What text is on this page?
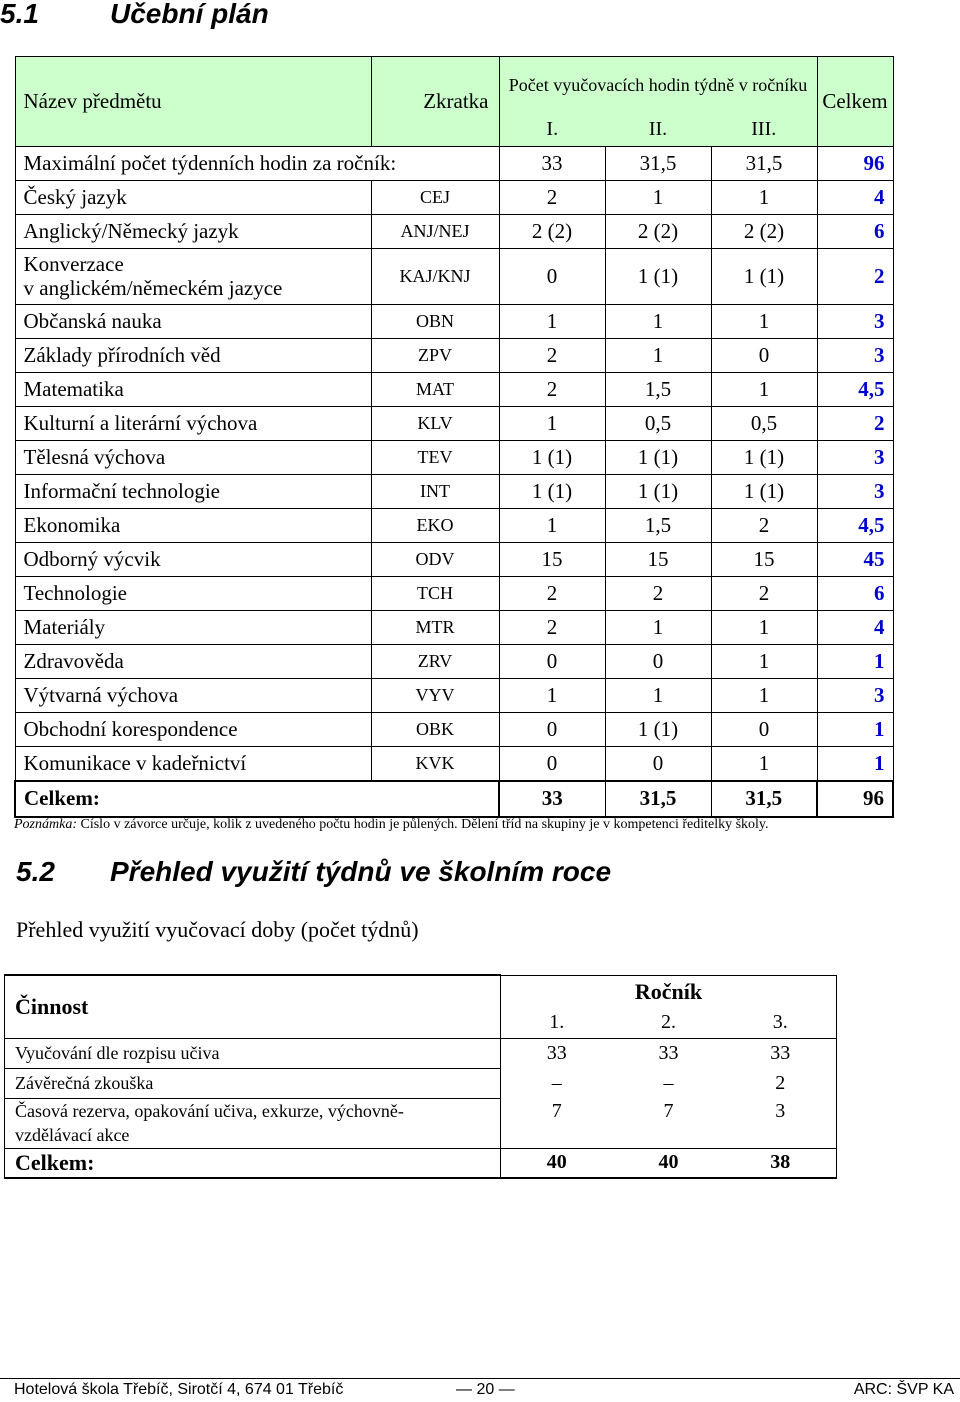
5.1	Učební plán
Název předmětu	Zkratka	Počet vyučovacích hodin týdně v ročníku			Celkem
		I.	II.	III.	
Maximální počet týdenních hodin za ročník:		33	31,5	31,5	96
Český jazyk	CEJ	2	1	1	4
Anglický/Německý jazyk	ANJ/NEJ	2 (2)	2 (2)	2 (2)	6
Konverzace
v anglickém/německém jazyce	KAJ/KNJ	0	1 (1)	1 (1)	2
Občanská nauka	OBN	1	1	1	3
Základy přírodních věd	ZPV	2	1	0	3
Matematika	MAT	2	1,5	1	4,5
Kulturní a literární výchova	KLV	1	0,5	0,5	2
Tělesná výchova	TEV	1 (1)	1 (1)	1 (1)	3
Informační technologie	INT	1 (1)	1 (1)	1 (1)	3
Ekonomika	EKO	1	1,5	2	4,5
Odborný výcvik	ODV	15	15	15	45
Technologie	TCH	2	2	2	6
Materiály	MTR	2	1	1	4
Zdravověda	ZRV	0	0	1	1
Výtvarná výchova	VYV	1	1	1	3
Obchodní korespondence	OBK	0	1 (1)	0	1
Komunikace v kadeřnictví	KVK	0	0	1	1
Celkem:		33	31,5	31,5	96
Poznámka: Číslo v závorce určuje, kolik z uvedeného počtu hodin je půlených. Dělení tříd na skupiny je v kompetenci ředitelky školy.
5.2 Přehled využití týdnů ve školním roce
Přehled využití vyučovací doby (počet týdnů)
Činnost	Ročník		
	1.	2.	3.
Vyučování dle rozpisu učiva	33	33	33
Závěrečná zkouška	–	–	2
Časová rezerva, opakování učiva, exkurze, výchovně-
vzdělávací akce	7	7	3
Celkem:	40	40	38
Hotelová škola Třebíč, Sirotčí 4, 674 01 Třebíč	— 20 —	ARC: ŠVP KA
